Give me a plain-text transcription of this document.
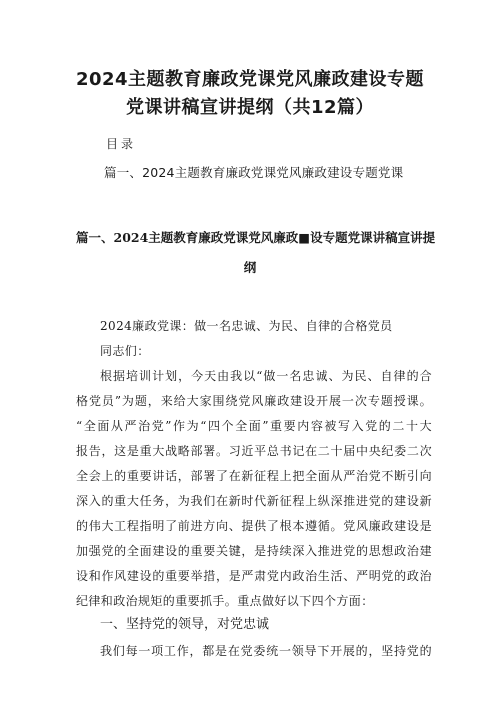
2024主题教育廉政党课党风廉政建设专题
党课讲稿宣讲提纲（共12篇）
目录
篇一、2024主题教育廉政党课党风廉政建设专题党课
篇一、2024主题教育廉政党课党风廉政■设专题党课讲稿宣讲提
纲
2024廉政党课：做一名忠诚、为民、自律的合格党员
同志们：
根据培训计划，今天由我以“做一名忠诚、为民、自律的合
格党员”为题，来给大家围绕党风廉政建设开展一次专题授课。
“全面从严治党”作为“四个全面”重要内容被写入党的二十大
报告，这是重大战略部署。习近平总书记在二十届中央纪委二次
全会上的重要讲话，部署了在新征程上把全面从严治党不断引向
深入的重大任务，为我们在新时代新征程上纵深推进党的建设新
的伟大工程指明了前进方向、提供了根本遵循。党风廉政建设是
加强党的全面建设的重要关键，是持续深入推进党的思想政治建
设和作风建设的重要举措，是严肃党内政治生活、严明党的政治
纪律和政治规矩的重要抓手。重点做好以下四个方面：
一、坚持党的领导，对党忠诚
我们每一项工作，都是在党委统一领导下开展的，坚持党的
